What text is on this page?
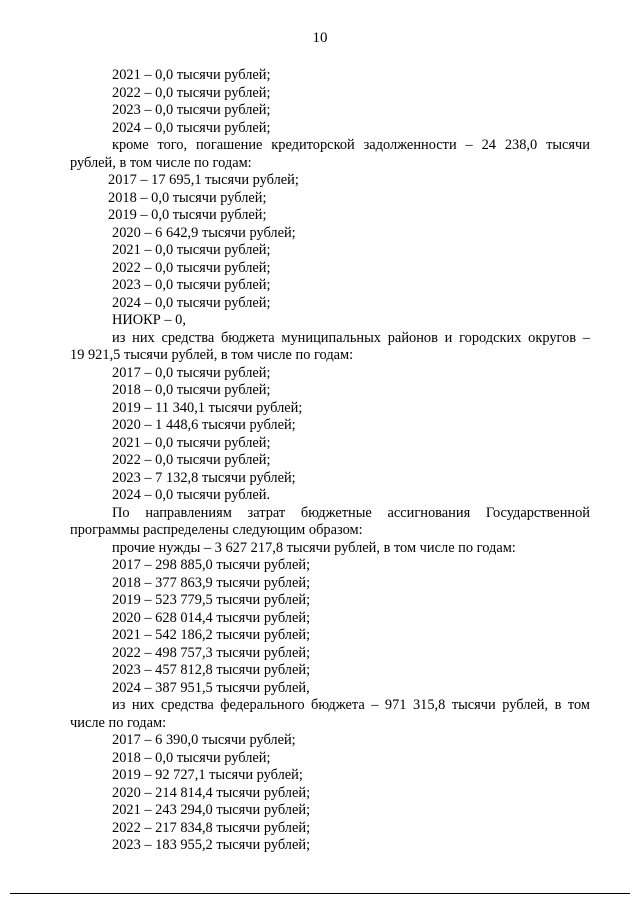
10
2021 – 0,0 тысячи рублей;
2022 – 0,0 тысячи рублей;
2023 – 0,0 тысячи рублей;
2024 – 0,0 тысячи рублей;
кроме того, погашение кредиторской задолженности – 24 238,0 тысячи
рублей, в том числе по годам:
2017 – 17 695,1 тысячи рублей;
2018 – 0,0 тысячи рублей;
2019 – 0,0 тысячи рублей;
2020 – 6 642,9 тысячи рублей;
2021 – 0,0 тысячи рублей;
2022 – 0,0 тысячи рублей;
2023 – 0,0 тысячи рублей;
2024 – 0,0 тысячи рублей;
НИОКР – 0,
из них средства бюджета муниципальных районов и городских округов –
19 921,5 тысячи рублей, в том числе по годам:
2017 – 0,0 тысячи рублей;
2018 – 0,0 тысячи рублей;
2019 – 11 340,1 тысячи рублей;
2020 – 1 448,6 тысячи рублей;
2021 – 0,0 тысячи рублей;
2022 – 0,0 тысячи рублей;
2023 – 7 132,8 тысячи рублей;
2024 – 0,0 тысячи рублей.
По направлениям затрат бюджетные ассигнования Государственной
программы распределены следующим образом:
прочие нужды – 3 627 217,8 тысячи рублей, в том числе по годам:
2017 – 298 885,0 тысячи рублей;
2018 – 377 863,9 тысячи рублей;
2019 – 523 779,5 тысячи рублей;
2020 – 628 014,4 тысячи рублей;
2021 – 542 186,2 тысячи рублей;
2022 – 498 757,3 тысячи рублей;
2023 – 457 812,8 тысячи рублей;
2024 – 387 951,5 тысячи рублей,
из них средства федерального бюджета – 971 315,8 тысячи рублей, в том
числе по годам:
2017 – 6 390,0 тысячи рублей;
2018 – 0,0 тысячи рублей;
2019 – 92 727,1 тысячи рублей;
2020 – 214 814,4 тысячи рублей;
2021 – 243 294,0 тысячи рублей;
2022 – 217 834,8 тысячи рублей;
2023 – 183 955,2 тысячи рублей;
